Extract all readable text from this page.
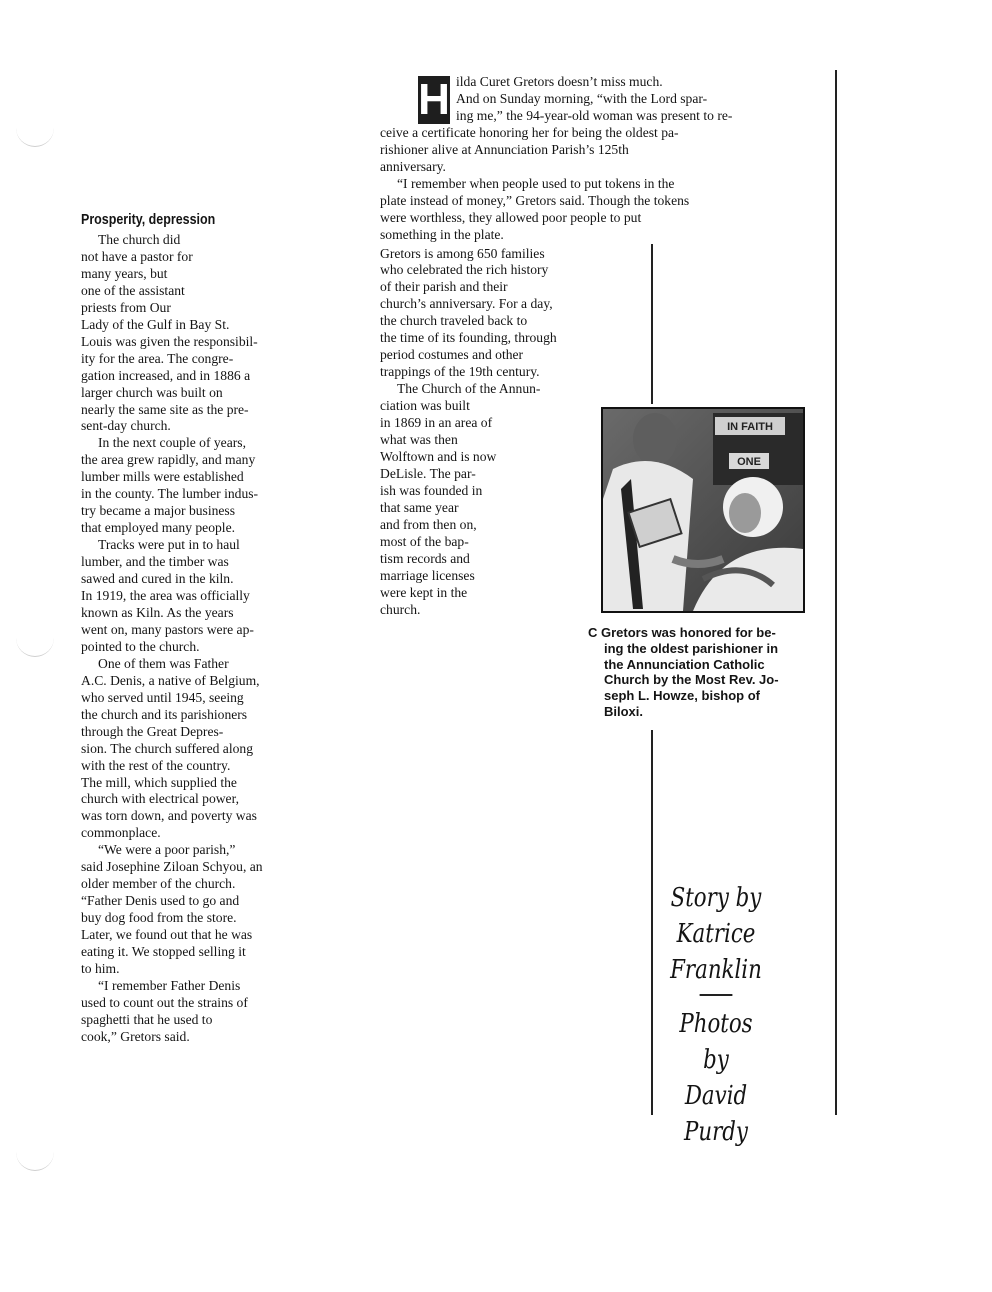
Prosperity, depression

The church did
not have a pastor for
many years, but
one of the assistant
priests from Our
Lady of the Gulf in Bay St.
Louis was given the responsibil-
ity for the area. The congre-
gation increased, and in 1886 a
larger church was built on
nearly the same site as the pre-
sent-day church.

In the next couple of years,
the area grew rapidly, and many
lumber mills were established
in the county. The lumber indus-
try became a major business
that employed many people.

Tracks were put in to haul
lumber, and the timber was
sawed and cured in the kiln.
In 1919, the area was officially
known as Kiln. As the years
went on, many pastors were ap-
pointed to the church.

One of them was Father
A.C. Denis, a native of Belgium,
who served until 1945, seeing
the church and its parishioners
through the Great Depres-
sion. The church suffered along
with the rest of the country.
The mill, which supplied the
church with electrical power,
was torn down, and poverty was
commonplace.

“We were a poor parish,”
said Josephine Ziloan Schyou, an
older member of the church.
“Father Denis used to go and
buy dog food from the store.
Later, we found out that he was
eating it. We stopped selling it
to him.

“I remember Father Denis
used to count out the strains of
spaghetti that he used to
cook,” Gretors said.

H ilda Curet Gretors doesn’t miss much.

And on Sunday morning, “with the Lord spar-
ing me,” the 94-year-old woman was present to re-
ceive a certificate honoring her for being the oldest pa-
rishioner alive at Annunciation Parish’s 125th
anniversary.

“I remember when people used to put tokens in the
plate instead of money,” Gretors said. Though the tokens
were worthless, they allowed poor people to put
something in the plate.

Gretors is among 650 families
who celebrated the rich history
of their parish and their
church’s anniversary. For a day,
the church traveled back to
the time of its founding, through
period costumes and other
trappings of the 19th century.

The Church of the Annun-
ciation was built
in 1869 in an area of
what was then
Wolftown and is now
DeLisle. The par-
ish was founded in
that same year
and from then on,
most of the bap-
tism records and
marriage licenses
were kept in the
church.

IN FAITH
ONE
C Gretors was honored for be-
ing the oldest parishioner in
the Annunciation Catholic
Church by the Most Rev. Jo-
seph L. Howze, bishop of
Biloxi.
Story by
Katrice
Franklin
Photos by
David
Purdy
